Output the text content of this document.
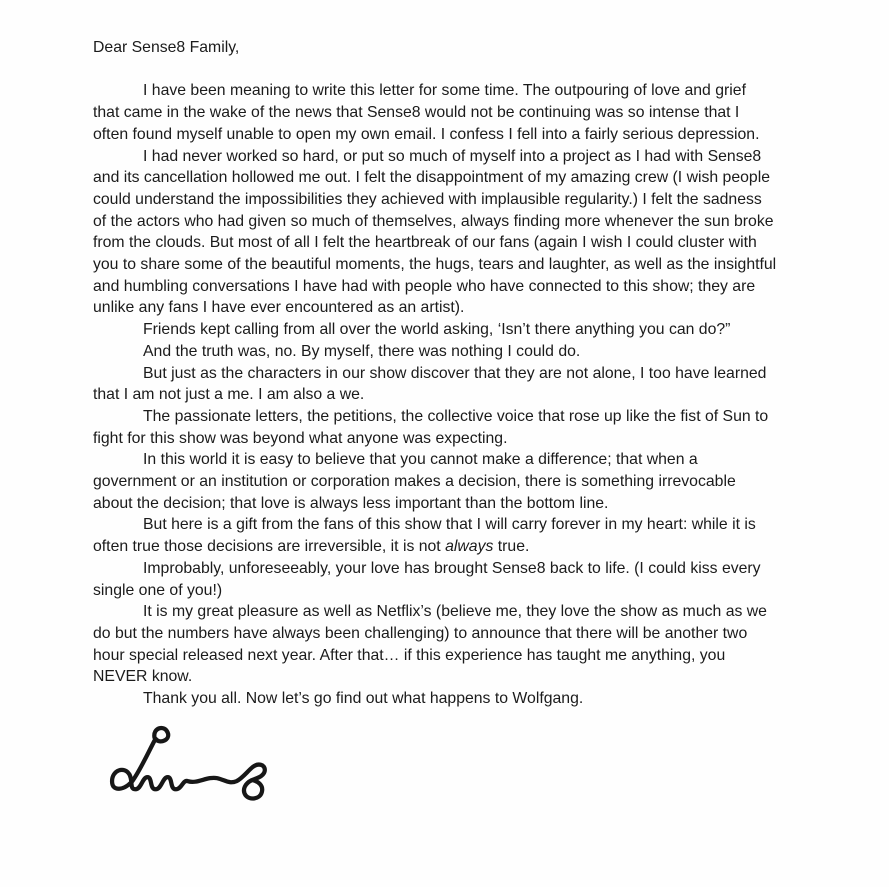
Dear Sense8 Family,
I have been meaning to write this letter for some time. The outpouring of love and grief
that came in the wake of the news that Sense8 would not be continuing was so intense that I
often found myself unable to open my own email. I confess I fell into a fairly serious depression.
I had never worked so hard, or put so much of myself into a project as I had with Sense8
and its cancellation hollowed me out. I felt the disappointment of my amazing crew (I wish people
could understand the impossibilities they achieved with implausible regularity.) I felt the sadness
of the actors who had given so much of themselves, always finding more whenever the sun broke
from the clouds. But most of all I felt the heartbreak of our fans (again I wish I could cluster with
you to share some of the beautiful moments, the hugs, tears and laughter, as well as the insightful
and humbling conversations I have had with people who have connected to this show; they are
unlike any fans I have ever encountered as an artist).
Friends kept calling from all over the world asking, ‘Isn’t there anything you can do?”
And the truth was, no. By myself, there was nothing I could do.
But just as the characters in our show discover that they are not alone, I too have learned
that I am not just a me. I am also a we.
The passionate letters, the petitions, the collective voice that rose up like the fist of Sun to
fight for this show was beyond what anyone was expecting.
In this world it is easy to believe that you cannot make a difference; that when a
government or an institution or corporation makes a decision, there is something irrevocable
about the decision; that love is always less important than the bottom line.
But here is a gift from the fans of this show that I will carry forever in my heart: while it is
often true those decisions are irreversible, it is not always true.
Improbably, unforeseeably, your love has brought Sense8 back to life. (I could kiss every
single one of you!)
It is my great pleasure as well as Netflix’s (believe me, they love the show as much as we
do but the numbers have always been challenging) to announce that there will be another two
hour special released next year. After that… if this experience has taught me anything, you
NEVER know.
Thank you all. Now let’s go find out what happens to Wolfgang.
